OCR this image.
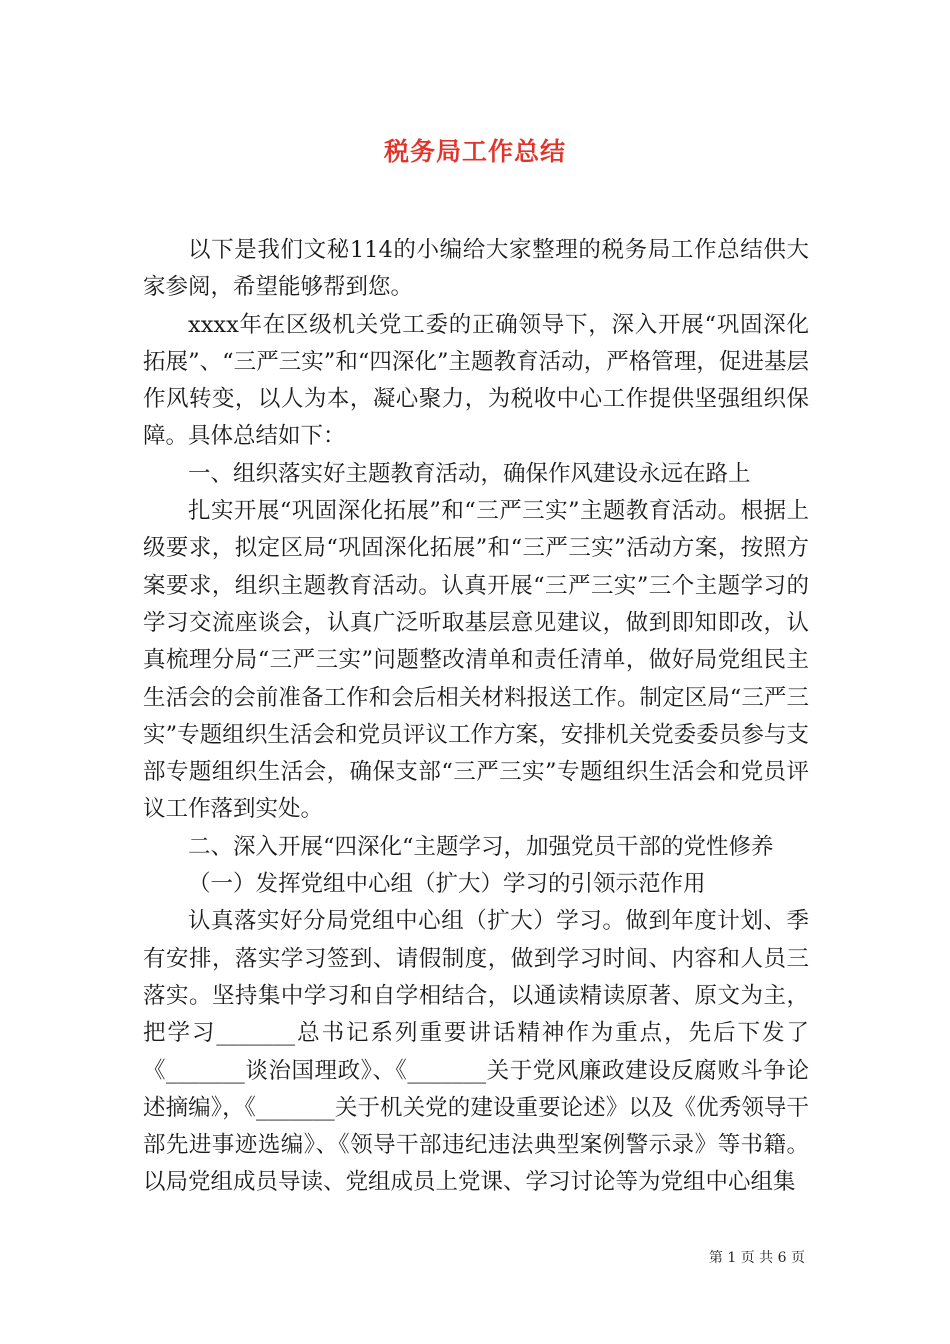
税务局工作总结

以下是我们文秘114的小编给大家整理的税务局工作总结供大家参阅，希望能够帮到您。

xxxx年在区级机关党工委的正确领导下，深入开展“巩固深化拓展”、“三严三实”和“四深化”主题教育活动，严格管理，促进基层作风转变，以人为本，凝心聚力，为税收中心工作提供坚强组织保障。具体总结如下：

一、组织落实好主题教育活动，确保作风建设永远在路上

扎实开展“巩固深化拓展”和“三严三实”主题教育活动。根据上级要求，拟定区局“巩固深化拓展”和“三严三实”活动方案，按照方案要求，组织主题教育活动。认真开展“三严三实”三个主题学习的学习交流座谈会，认真广泛听取基层意见建议，做到即知即改，认真梳理分局“三严三实”问题整改清单和责任清单，做好局党组民主生活会的会前准备工作和会后相关材料报送工作。制定区局“三严三实”专题组织生活会和党员评议工作方案，安排机关党委委员参与支部专题组织生活会，确保支部“三严三实”专题组织生活会和党员评议工作落到实处。

二、深入开展“四深化“主题学习，加强党员干部的党性修养

（一）发挥党组中心组（扩大）学习的引领示范作用

认真落实好分局党组中心组（扩大）学习。做到年度计划、季有安排，落实学习签到、请假制度，做到学习时间、内容和人员三落实。坚持集中学习和自学相结合，以通读精读原著、原文为主，把学习_______总书记系列重要讲话精神作为重点，先后下发了《_______谈治国理政》、《_______关于党风廉政建设反腐败斗争论述摘编》，《_______关于机关党的建设重要论述》以及《优秀领导干部先进事迹选编》、《领导干部违纪违法典型案例警示录》等书籍。以局党组成员导读、党组成员上党课、学习讨论等为党组中心组集

第 1 页 共 6 页
